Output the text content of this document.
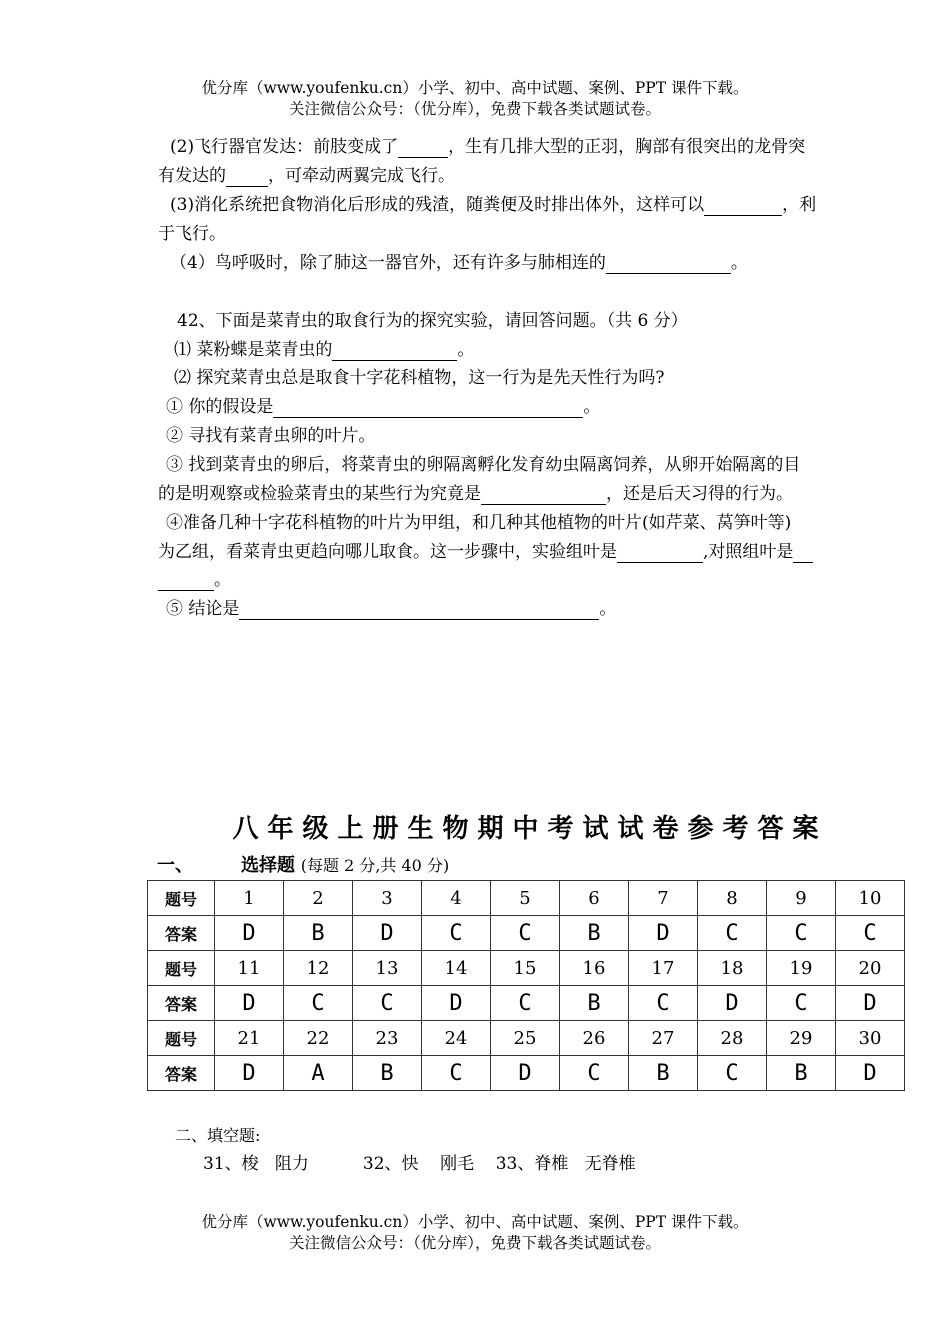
优分库（www.youfenku.cn）小学、初中、高中试题、案例、PPT 课件下载。
关注微信公众号：（优分库），免费下载各类试题试卷。
(2)飞行器官发达：前肢变成了	，生有几排大型的正羽，胸部有很突出的龙骨突
有发达的 ，可牵动两翼完成飞行。
(3)消化系统把食物消化后形成的残渣，随粪便及时排出体外，这样可以	，利
于飞行。
（4）鸟呼吸时，除了肺这一器官外，还有许多与肺相连的	。
42、下面是菜青虫的取食行为的探究实验，请回答问题。（共 6 分）
⑴ 菜粉蝶是菜青虫的	。
⑵ 探究菜青虫总是取食十字花科植物，这一行为是先天性行为吗?
① 你的假设是	。
② 寻找有菜青虫卵的叶片。
③ 找到菜青虫的卵后，将菜青虫的卵隔离孵化发育幼虫隔离饲养，从卵开始隔离的目
的是明观察或检验菜青虫的某些行为究竟是	，还是后天习得的行为。
④准备几种十字花科植物的叶片为甲组，和几种其他植物的叶片(如芹菜、莴笋叶等)
为乙组，看菜青虫更趋向哪儿取食。这一步骤中，实验组叶是	,对照组叶是
。
⑤ 结论是	。
八年级上册生物期中考试试卷参考答案
一、	选择题 (每题 2 分,共 40 分)
题号	1	2	3	4	5	6	7	8	9	10
答案	D	B	D	C	C	B	D	C	C	C
题号	11	12	13	14	15	16	17	18	19	20
答案	D	C	C	D	C	B	C	D	C	D
题号	21	22	23	24	25	26	27	28	29	30
答案	D	A	B	C	D	C	B	C	B	D
二、填空题:
31、梭   阻力          32、快    刚毛    33、脊椎   无脊椎
优分库（www.youfenku.cn）小学、初中、高中试题、案例、PPT 课件下载。
关注微信公众号：（优分库），免费下载各类试题试卷。
